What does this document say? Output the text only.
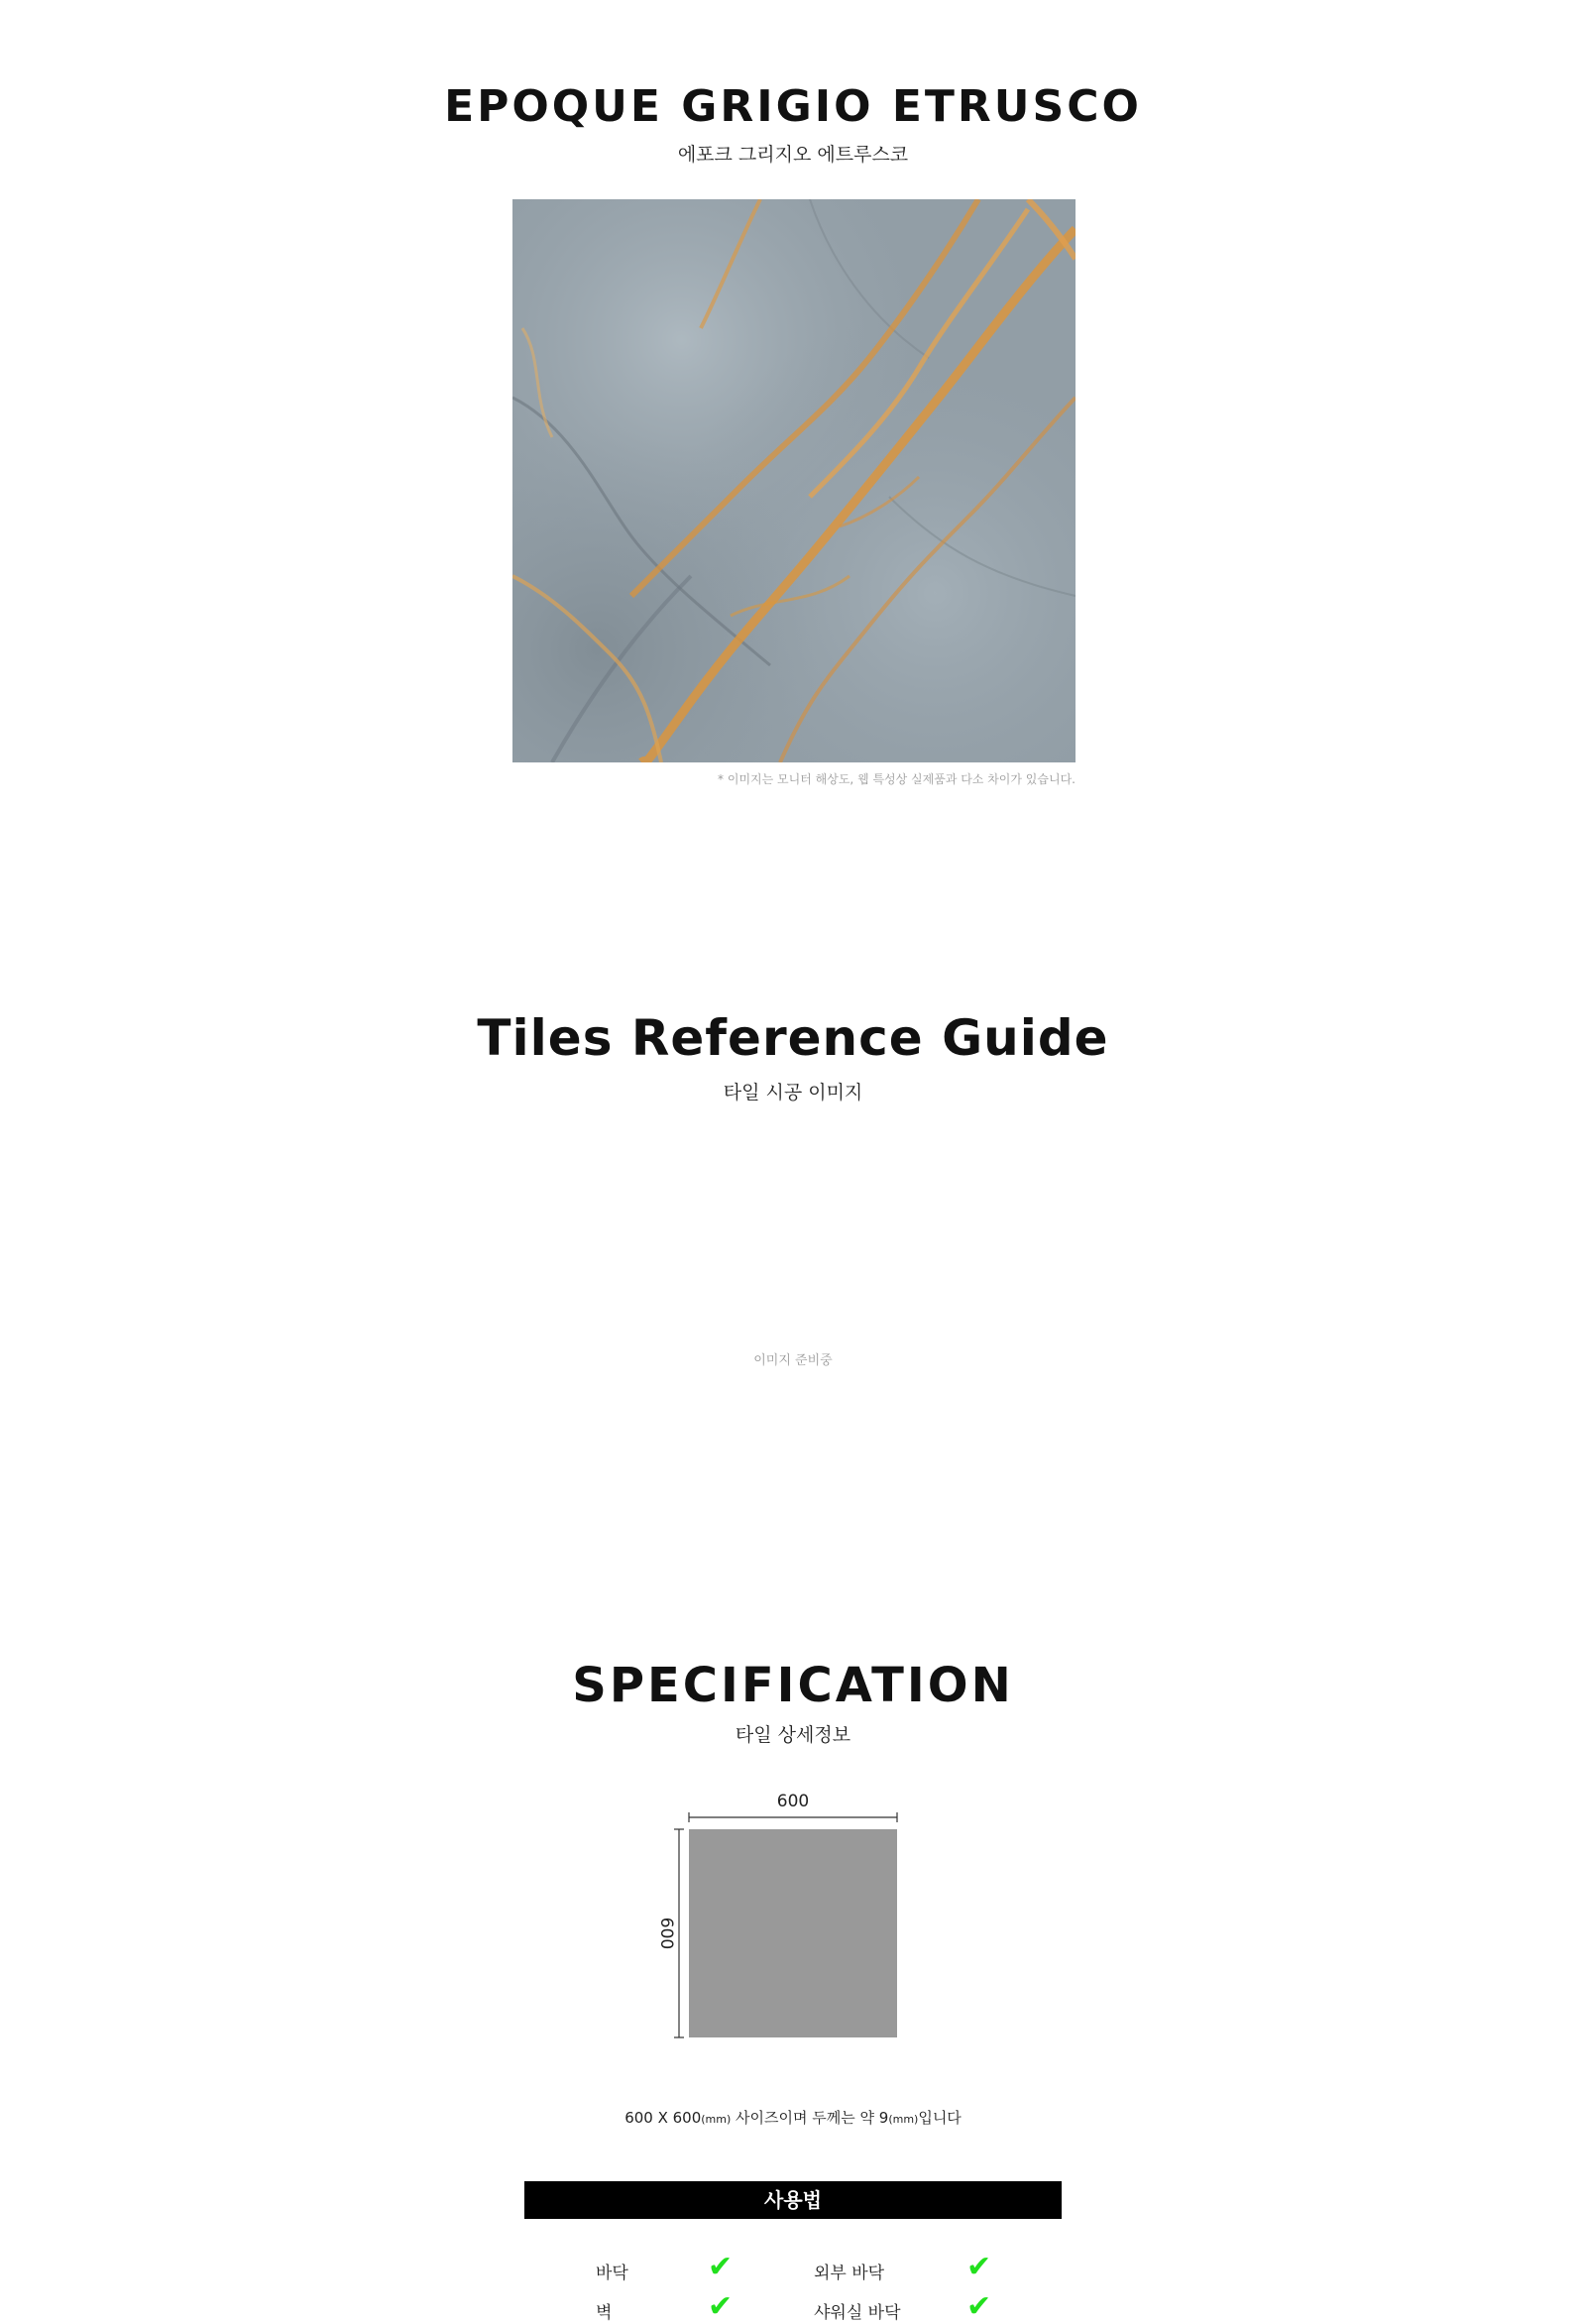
EPOQUE GRIGIO ETRUSCO
에포크 그리지오 에트루스코
* 이미지는 모니터 해상도, 웹 특성상 실제품과 다소 차이가 있습니다.
Tiles Reference Guide
타일 시공 이미지
이미지 준비중
SPECIFICATION
타일 상세정보
600
600
600 X 600(mm) 사이즈이며 두께는 약 9(mm)입니다
사용법
바닥	✔	외부 바닥	✔
벽	✔	샤워실 바닥 ✔
